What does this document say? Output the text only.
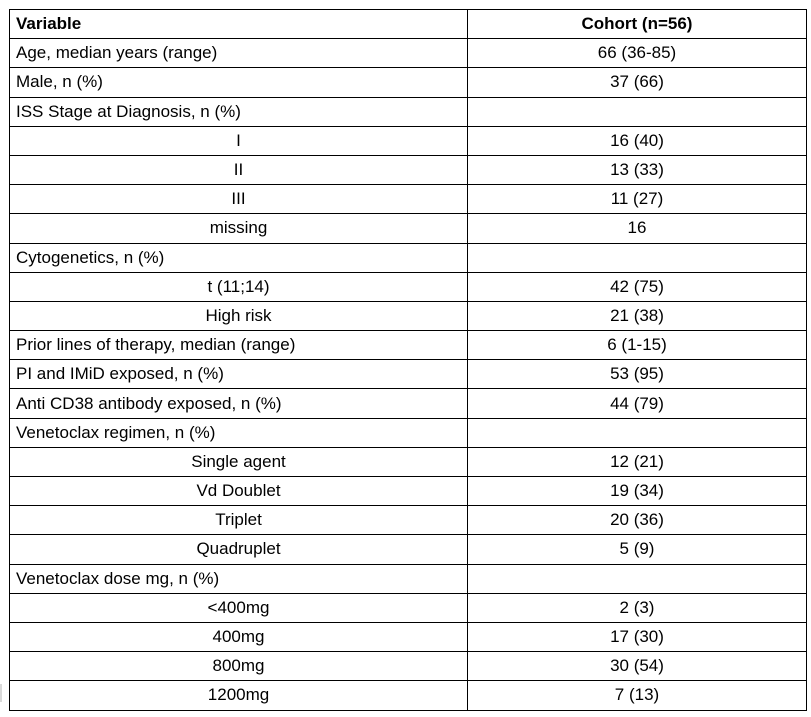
Variable	Cohort (n=56)
Age, median years (range)	66 (36-85)
Male, n (%)	37 (66)
ISS Stage at Diagnosis, n (%)	
I	16 (40)
II	13 (33)
III	11 (27)
missing	16
Cytogenetics, n (%)	
t (11;14)	42 (75)
High risk	21 (38)
Prior lines of therapy, median (range)	6 (1-15)
PI and IMiD exposed, n (%)	53 (95)
Anti CD38 antibody exposed, n (%)	44 (79)
Venetoclax regimen, n (%)	
Single agent	12 (21)
Vd Doublet	19 (34)
Triplet	20 (36)
Quadruplet	5 (9)
Venetoclax dose mg, n (%)	
<400mg	2 (3)
400mg	17 (30)
800mg	30 (54)
1200mg	7 (13)
